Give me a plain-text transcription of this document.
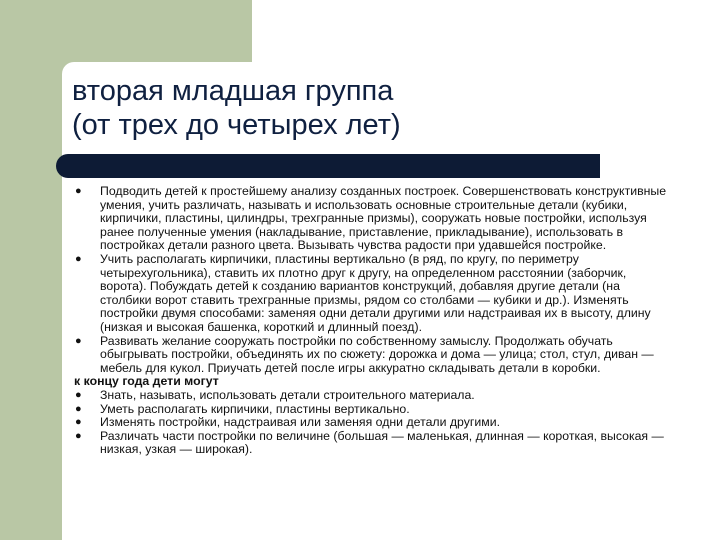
вторая младшая группа
(от трех до четырех лет)
● Подводить детей к простейшему анализу созданных построек. Совершенствовать конструктивные умения, учить различать, называть и использовать основные строительные детали (кубики, кирпичики, пластины, цилиндры, трехгранные призмы), сооружать новые постройки, используя ранее полученные умения (накладывание, приставление, прикладывание), использовать в постройках детали разного цвета. Вызывать чувства радости при удавшейся постройке.
● Учить располагать кирпичики, пластины вертикально (в ряд, по кругу, по периметру четырехугольника), ставить их плотно друг к другу, на определенном расстоянии (заборчик, ворота). Побуждать детей к созданию вариантов конструкций, добавляя другие детали (на столбики ворот ставить трехгранные призмы, рядом со столбами — кубики и др.). Изменять постройки двумя способами: заменяя одни детали другими или надстраивая их в высоту, длину (низкая и высокая башенка, короткий и длинный поезд).
● Развивать желание сооружать постройки по собственному замыслу. Продолжать обучать обыгрывать постройки, объединять их по сюжету: дорожка и дома — улица; стол, стул, диван — мебель для кукол. Приучать детей после игры аккуратно складывать детали в коробки.
к концу года дети могут
● Знать, называть, использовать детали строительного материала.
● Уметь располагать кирпичики, пластины вертикально.
● Изменять постройки, надстраивая или заменяя одни детали другими.
● Различать части постройки по величине (большая — маленькая, длинная — короткая, высокая — низкая, узкая — широкая).
